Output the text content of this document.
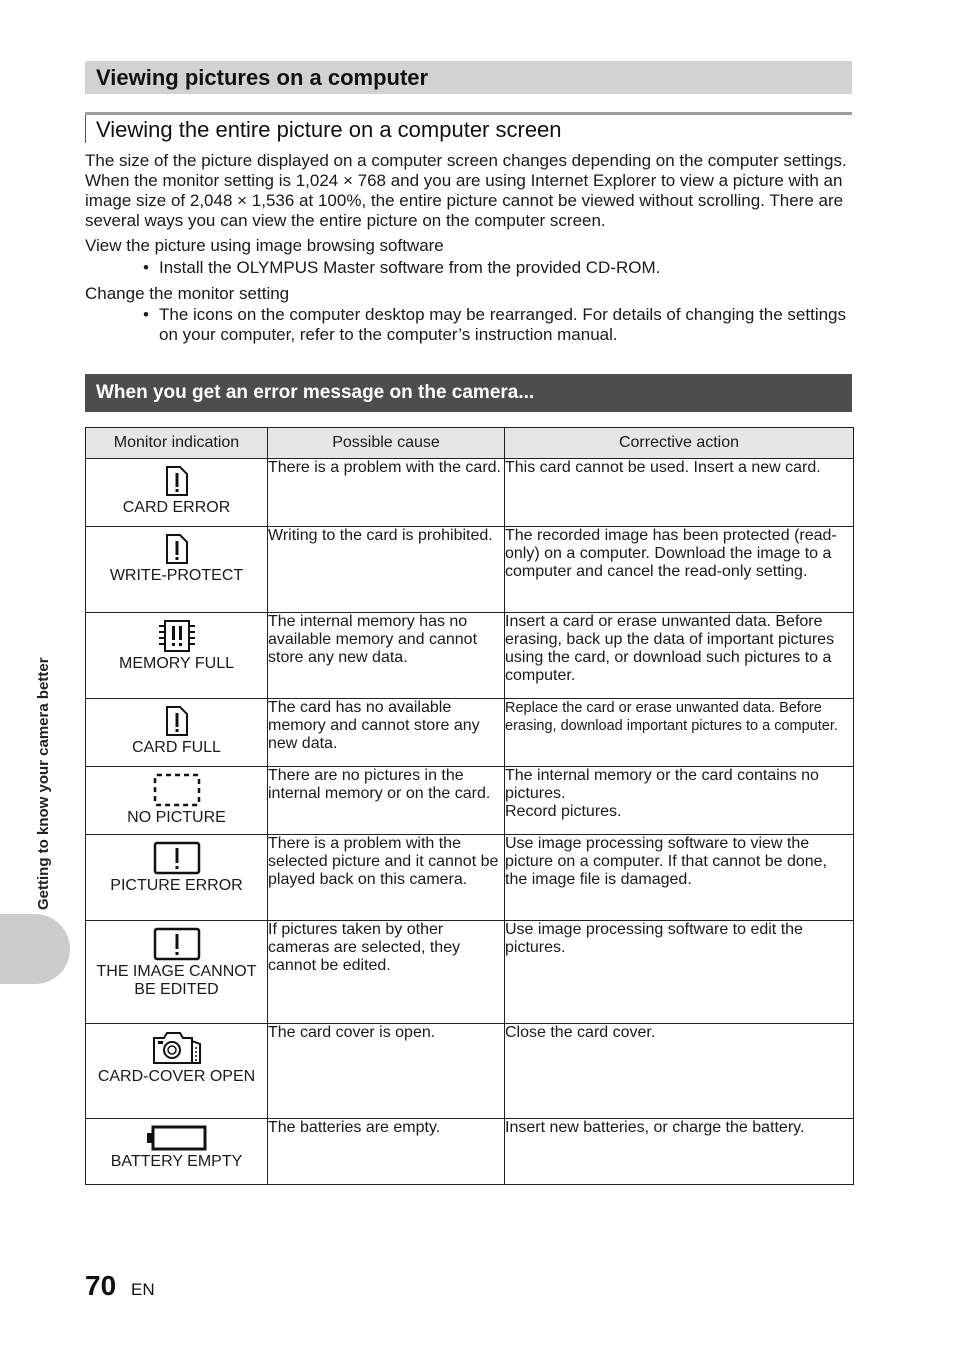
Viewing pictures on a computer
Viewing the entire picture on a computer screen

The size of the picture displayed on a computer screen changes depending on the computer settings. When the monitor setting is 1,024 × 768 and you are using Internet Explorer to view a picture with an image size of 2,048 × 1,536 at 100%, the entire picture cannot be viewed without scrolling. There are several ways you can view the entire picture on the computer screen.

View the picture using image browsing software
• Install the OLYMPUS Master software from the provided CD-ROM.
Change the monitor setting
• The icons on the computer desktop may be rearranged. For details of changing the settings on your computer, refer to the computer’s instruction manual.
When you get an error message on the camera...
Monitor indication	Possible cause	Corrective action

CARD ERROR	There is a problem with the card.	This card cannot be used. Insert a new card.

WRITE-PROTECT	Writing to the card is prohibited.	The recorded image has been protected (read-only) on a computer. Download the image to a computer and cancel the read-only setting.

MEMORY FULL	The internal memory has no available memory and cannot store any new data.	Insert a card or erase unwanted data. Before erasing, back up the data of important pictures using the card, or download such pictures to a computer.

CARD FULL	The card has no available memory and cannot store any new data.	Replace the card or erase unwanted data. Before erasing, download important pictures to a computer.

NO PICTURE	There are no pictures in the internal memory or on the card.	The internal memory or the card contains no pictures.
Record pictures.

PICTURE ERROR	There is a problem with the selected picture and it cannot be played back on this camera.	Use image processing software to view the picture on a computer. If that cannot be done, the image file is damaged.

THE IMAGE CANNOT BE EDITED	If pictures taken by other cameras are selected, they cannot be edited.	Use image processing software to edit the pictures.

CARD-COVER OPEN	The card cover is open.	Close the card cover.

BATTERY EMPTY	The batteries are empty.	Insert new batteries, or charge the battery.
Getting to know your camera better
70 EN
